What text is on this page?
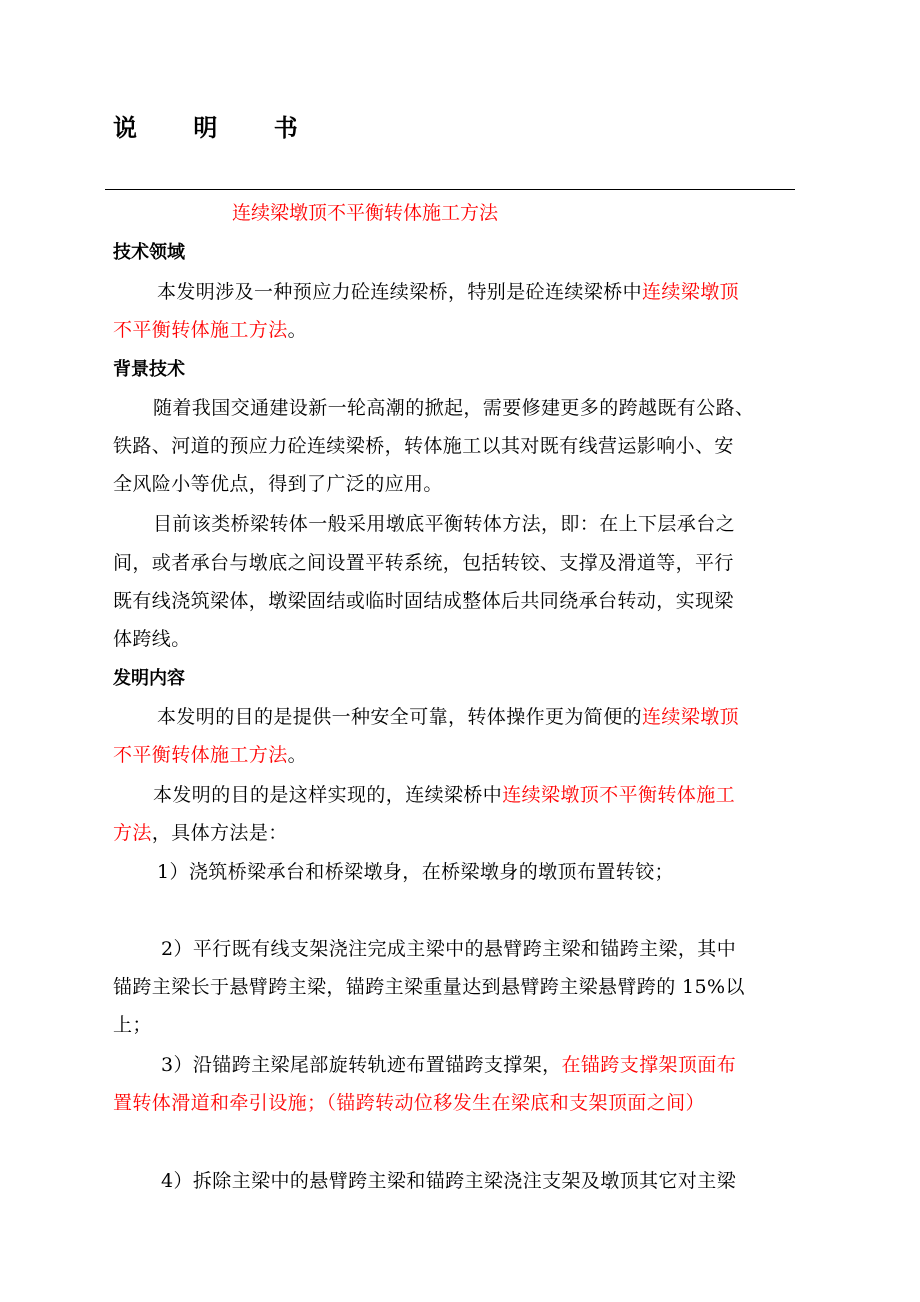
说 明 书

连续梁墩顶不平衡转体施工方法

技术领域

本发明涉及一种预应力砼连续梁桥，特别是砼连续梁桥中连续梁墩顶

不平衡转体施工方法。

背景技术

随着我国交通建设新一轮高潮的掀起，需要修建更多的跨越既有公路、

铁路、河道的预应力砼连续梁桥，转体施工以其对既有线营运影响小、安

全风险小等优点，得到了广泛的应用。

目前该类桥梁转体一般采用墩底平衡转体方法，即：在上下层承台之

间，或者承台与墩底之间设置平转系统，包括转铰、支撑及滑道等，平行

既有线浇筑梁体，墩梁固结或临时固结成整体后共同绕承台转动，实现梁

体跨线。

发明内容

本发明的目的是提供一种安全可靠，转体操作更为简便的连续梁墩顶

不平衡转体施工方法。

本发明的目的是这样实现的，连续梁桥中连续梁墩顶不平衡转体施工

方法，具体方法是：

1）浇筑桥梁承台和桥梁墩身，在桥梁墩身的墩顶布置转铰；

2）平行既有线支架浇注完成主梁中的悬臂跨主梁和锚跨主梁，其中

锚跨主梁长于悬臂跨主梁，锚跨主梁重量达到悬臂跨主梁悬臂跨的 15%以

上；

3）沿锚跨主梁尾部旋转轨迹布置锚跨支撑架，在锚跨支撑架顶面布

置转体滑道和牵引设施；（锚跨转动位移发生在梁底和支架顶面之间）

4）拆除主梁中的悬臂跨主梁和锚跨主梁浇注支架及墩顶其它对主梁
